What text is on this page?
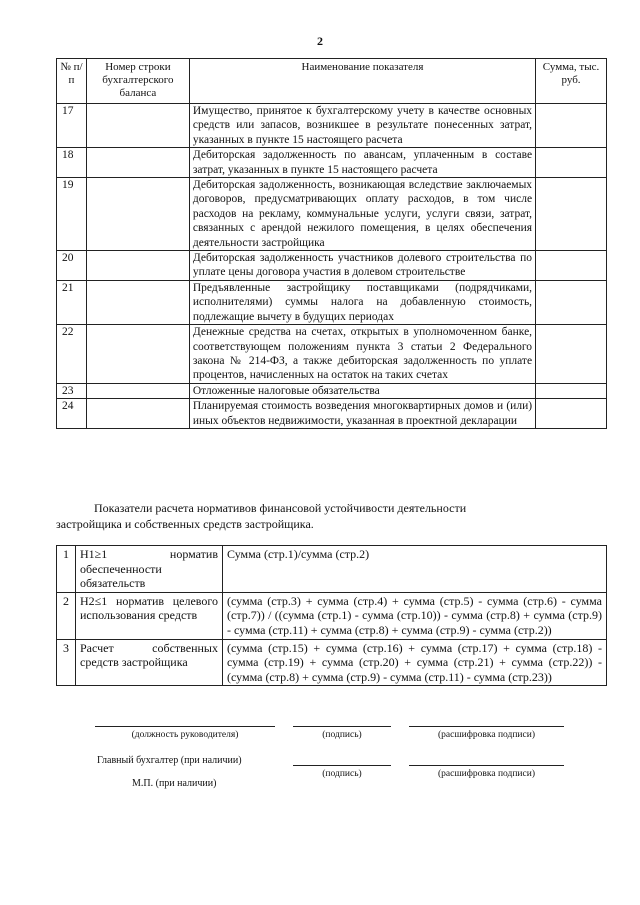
2
№ п/п	Номер строки бухгалтерского баланса	Наименование показателя	Сумма, тыс. руб.
17		Имущество, принятое к бухгалтерскому учету в качестве основных средств или запасов, возникшее в результате понесенных затрат, указанных в пункте 15 настоящего расчета	
18		Дебиторская задолженность по авансам, уплаченным в составе затрат, указанных в пункте 15 настоящего расчета	
19		Дебиторская задолженность, возникающая вследствие заключаемых договоров, предусматривающих оплату расходов, в том числе расходов на рекламу, коммунальные услуги, услуги связи, затрат, связанных с арендой нежилого помещения, в целях обеспечения деятельности застройщика	
20		Дебиторская задолженность участников долевого строительства по уплате цены договора участия в долевом строительстве	
21		Предъявленные застройщику поставщиками (подрядчиками, исполнителями) суммы налога на добавленную стоимость, подлежащие вычету в будущих периодах	
22		Денежные средства на счетах, открытых в уполномоченном банке, соответствующем положениям пункта 3 статьи 2 Федерального закона № 214-ФЗ, а также дебиторская задолженность по уплате процентов, начисленных на остаток на таких счетах	
23		Отложенные налоговые обязательства	
24		Планируемая стоимость возведения многоквартирных домов и (или) иных объектов недвижимости, указанная в проектной декларации	
Показатели расчета нормативов финансовой устойчивости деятельности
застройщика и собственных средств застройщика.
1	Н1≥1 норматив обеспеченности обязательств	Сумма (стр.1)/сумма (стр.2)
2	Н2≤1 норматив целевого использования средств	(сумма (стр.3) + сумма (стр.4) + сумма (стр.5) - сумма (стр.6) - сумма (стр.7)) / ((сумма (стр.1) - сумма (стр.10)) - сумма (стр.8) + сумма (стр.9) - сумма (стр.11) + сумма (стр.8) + сумма (стр.9) - сумма (стр.2))
3	Расчет собственных средств застройщика	(сумма (стр.15) + сумма (стр.16) + сумма (стр.17) + сумма (стр.18) - сумма (стр.19) + сумма (стр.20) + сумма (стр.21) + сумма (стр.22)) - (сумма (стр.8) + сумма (стр.9) - сумма (стр.11) - сумма (стр.23))
(должность руководителя)	(подпись)	(расшифровка подписи)
Главный бухгалтер (при наличии)
(подпись)	(расшифровка подписи)
М.П. (при наличии)
